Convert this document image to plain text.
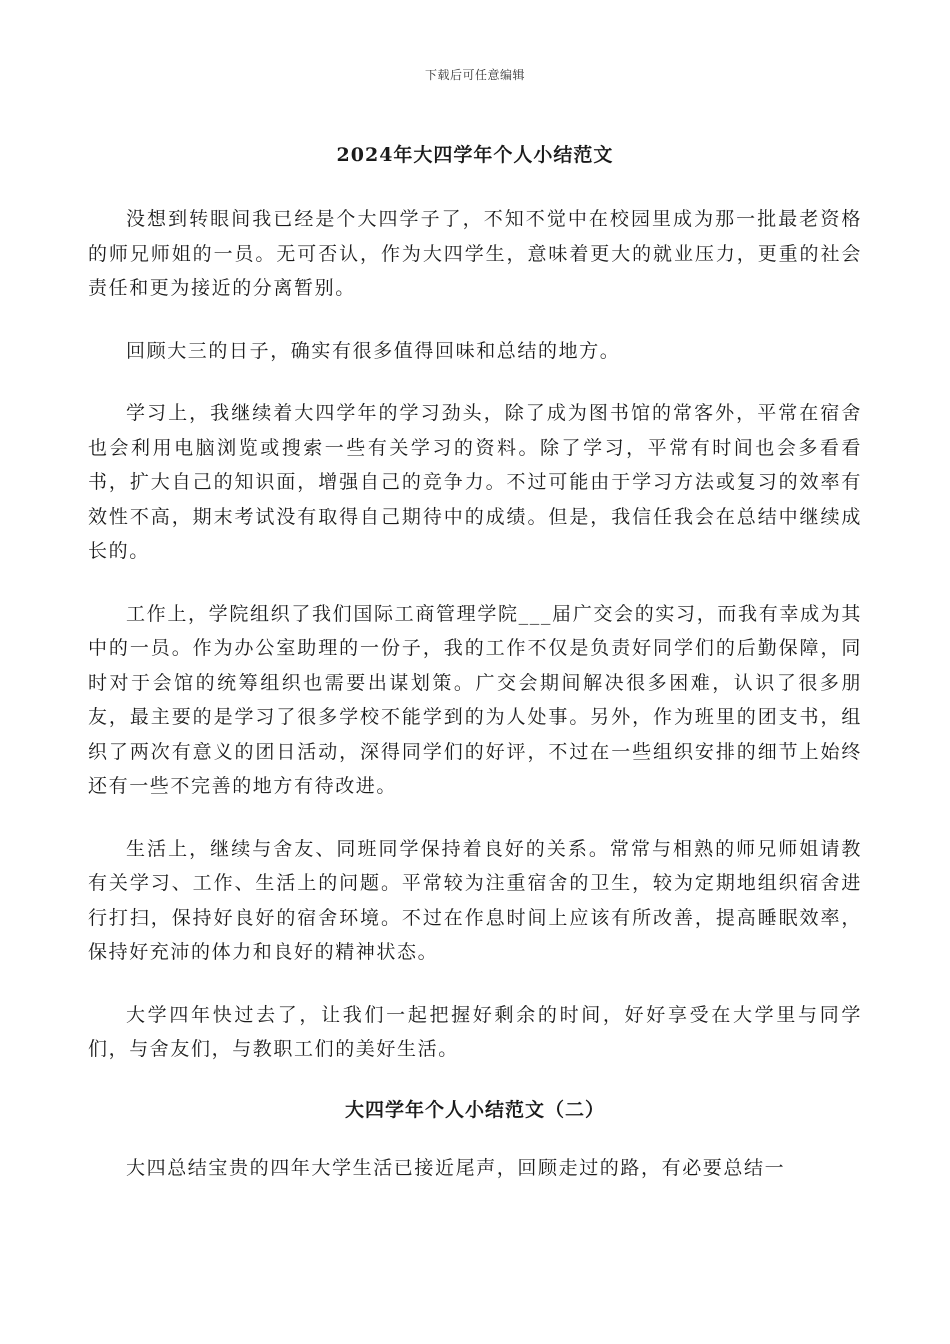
下载后可任意编辑
2024年大四学年个人小结范文

没想到转眼间我已经是个大四学子了，不知不觉中在校园里成为那一批最老资格的师兄师姐的一员。无可否认，作为大四学生，意味着更大的就业压力，更重的社会责任和更为接近的分离暂别。

回顾大三的日子，确实有很多值得回味和总结的地方。

学习上，我继续着大四学年的学习劲头，除了成为图书馆的常客外，平常在宿舍也会利用电脑浏览或搜索一些有关学习的资料。除了学习，平常有时间也会多看看书，扩大自己的知识面，增强自己的竞争力。不过可能由于学习方法或复习的效率有效性不高，期末考试没有取得自己期待中的成绩。但是，我信任我会在总结中继续成长的。

工作上，学院组织了我们国际工商管理学院___届广交会的实习，而我有幸成为其中的一员。作为办公室助理的一份子，我的工作不仅是负责好同学们的后勤保障，同时对于会馆的统筹组织也需要出谋划策。广交会期间解决很多困难，认识了很多朋友，最主要的是学习了很多学校不能学到的为人处事。另外，作为班里的团支书，组织了两次有意义的团日活动，深得同学们的好评，不过在一些组织安排的细节上始终还有一些不完善的地方有待改进。

生活上，继续与舍友、同班同学保持着良好的关系。常常与相熟的师兄师姐请教有关学习、工作、生活上的问题。平常较为注重宿舍的卫生，较为定期地组织宿舍进行打扫，保持好良好的宿舍环境。不过在作息时间上应该有所改善，提高睡眠效率，保持好充沛的体力和良好的精神状态。

大学四年快过去了，让我们一起把握好剩余的时间，好好享受在大学里与同学们，与舍友们，与教职工们的美好生活。

大四学年个人小结范文（二）

大四总结宝贵的四年大学生活已接近尾声，回顾走过的路，有必要总结一
